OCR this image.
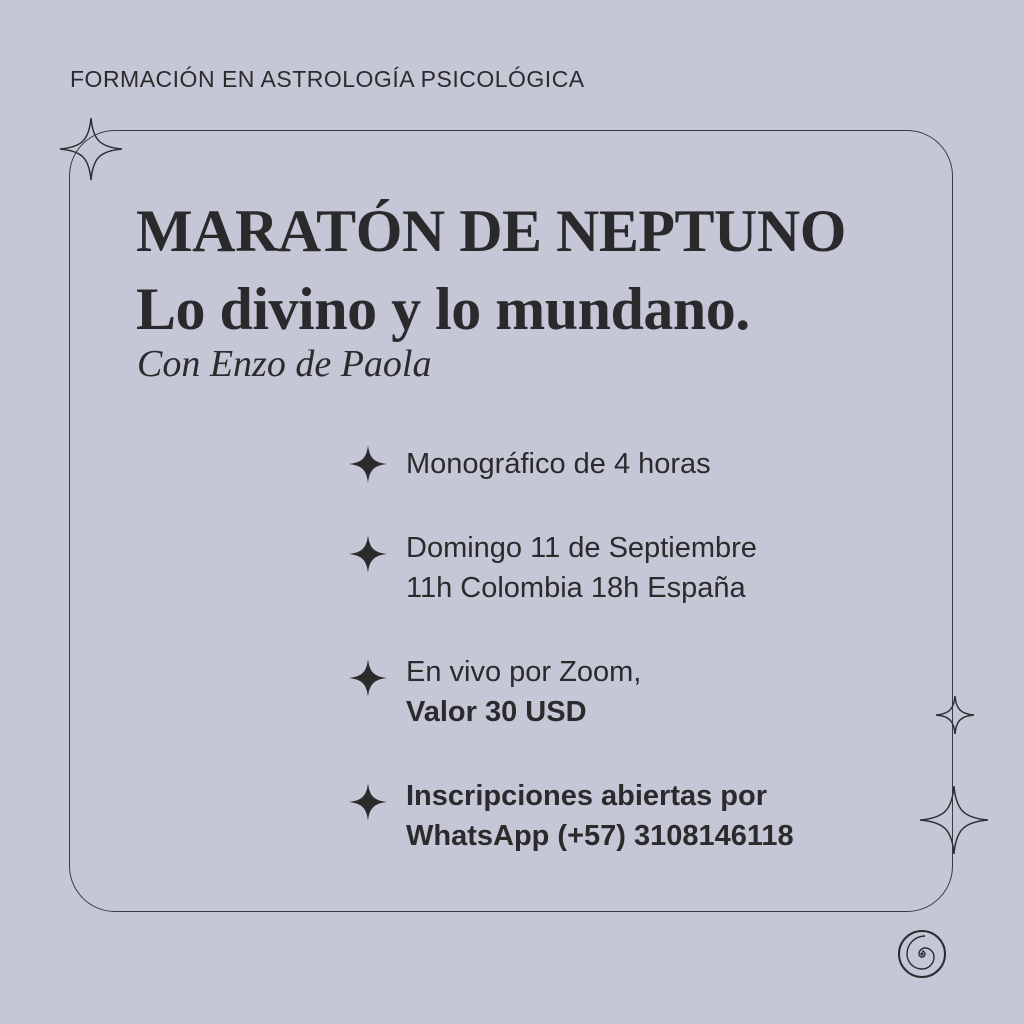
FORMACIÓN EN ASTROLOGÍA PSICOLÓGICA
MARATÓN DE NEPTUNO
Lo divino y lo mundano.
Con Enzo de Paola
Monográfico de 4 horas
Domingo 11 de Septiembre
11h Colombia 18h España
En vivo por Zoom,
Valor 30 USD
Inscripciones abiertas por
WhatsApp (+57) 3108146118
